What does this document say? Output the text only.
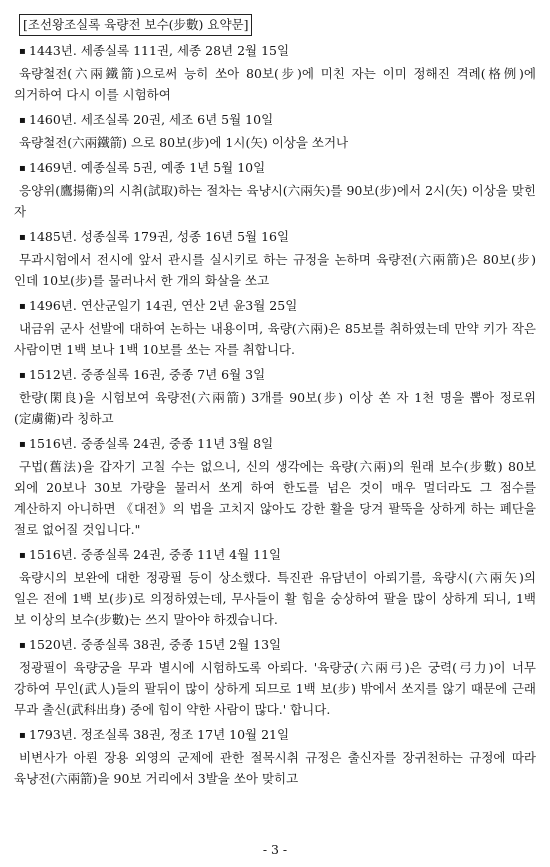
[조선왕조실록 육량전 보수(步數) 요약문]
▪ 1443년. 세종실록 111권, 세종 28년 2월 15일

육량철전(六兩鐵箭)으로써 능히 쏘아 80보(步)에 미친 자는 이미 정해진 격례(格例)에 의거하여 다시 이를 시험하여

▪ 1460년. 세조실록 20권, 세조 6년 5월 10일

육량철전(六兩鐵箭) 으로 80보(步)에 1시(矢) 이상을 쏘거나

▪ 1469년. 예종실록 5권, 예종 1년 5월 10일

응양위(鷹揚衛)의 시취(試取)하는 절차는 육냥시(六兩矢)를 90보(步)에서 2시(矢) 이상을 맞힌 자

▪ 1485년. 성종실록 179권, 성종 16년 5월 16일

무과시험에서 전시에 앞서 관시를 실시키로 하는 규정을 논하며 육량전(六兩箭)은 80보(步)인데 10보(步)를 물러나서 한 개의 화살을 쏘고

▪ 1496년. 연산군일기 14권, 연산 2년 윤3월 25일

내금위 군사 선발에 대하여 논하는 내용이며, 육량(六兩)은 85보를 취하였는데 만약 키가 작은 사람이면 1백 보나 1백 10보를 쏘는 자를 취합니다.

▪ 1512년. 중종실록 16권, 중종 7년 6월 3일

한량(閑良)을 시험보여 육량전(六兩箭) 3개를 90보(步) 이상 쏜 자 1천 명을 뽑아 정로위(定虜衛)라 칭하고

▪ 1516년. 중종실록 24권, 중종 11년 3월 8일

구법(舊法)을 갑자기 고칠 수는 없으니, 신의 생각에는 육량(六兩)의 원래 보수(步數) 80보 외에 20보나 30보 가량을 물러서 쏘게 하여 한도를 넘은 것이 매우 멀더라도 그 점수를 계산하지 아니하면 《대전》의 법을 고치지 않아도 강한 활을 당겨 팔뚝을 상하게 하는 폐단을 절로 없어질 것입니다."

▪ 1516년. 중종실록 24권, 중종 11년 4월 11일

육량시의 보완에 대한 정광필 등이 상소했다. 특진관 유담년이 아뢰기를, 육량시(六兩矢)의 일은 전에 1백 보(步)로 의정하였는데, 무사들이 활 힘을 숭상하여 팔을 많이 상하게 되니, 1백 보 이상의 보수(步數)는 쓰지 말아야 하겠습니다.

▪ 1520년. 중종실록 38권, 중종 15년 2월 13일

정광필이 육량궁을 무과 별시에 시험하도록 아뢰다. '육량궁(六兩弓)은 궁력(弓力)이 너무 강하여 무인(武人)들의 팔뒤이 많이 상하게 되므로 1백 보(步) 밖에서 쏘지를 않기 때문에 근래 무과 출신(武科出身) 중에 힘이 약한 사람이 많다.' 합니다.

▪ 1793년. 정조실록 38권, 정조 17년 10월 21일

비변사가 아뢴 장용 외영의 군제에 관한 절목시취 규정은 출신자를 장귀천하는 규정에 따라 육냥전(六兩箭)을 90보 거리에서 3발을 쏘아 맞히고

- 3 -
